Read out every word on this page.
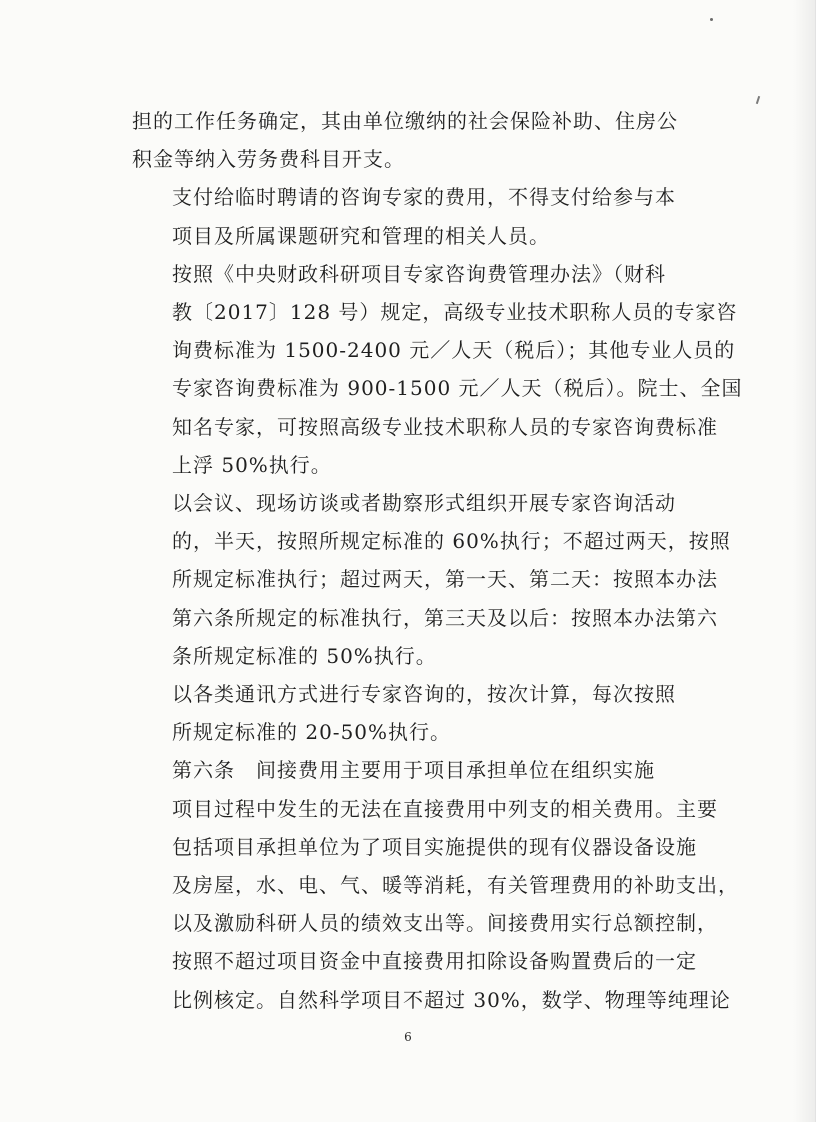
担的工作任务确定，其由单位缴纳的社会保险补助、住房公
积金等纳入劳务费科目开支。

支付给临时聘请的咨询专家的费用，不得支付给参与本
项目及所属课题研究和管理的相关人员。

按照《中央财政科研项目专家咨询费管理办法》（财科
教〔2017〕128 号）规定，高级专业技术职称人员的专家咨
询费标准为 1500-2400 元／人天（税后）；其他专业人员的
专家咨询费标准为 900-1500 元／人天（税后）。院士、全国
知名专家，可按照高级专业技术职称人员的专家咨询费标准
上浮 50%执行。

以会议、现场访谈或者勘察形式组织开展专家咨询活动
的，半天，按照所规定标准的 60%执行；不超过两天，按照
所规定标准执行；超过两天，第一天、第二天：按照本办法
第六条所规定的标准执行，第三天及以后：按照本办法第六
条所规定标准的 50%执行。

以各类通讯方式进行专家咨询的，按次计算，每次按照
所规定标准的 20-50%执行。

第六条　间接费用主要用于项目承担单位在组织实施
项目过程中发生的无法在直接费用中列支的相关费用。主要
包括项目承担单位为了项目实施提供的现有仪器设备设施
及房屋，水、电、气、暖等消耗，有关管理费用的补助支出，
以及激励科研人员的绩效支出等。间接费用实行总额控制，
按照不超过项目资金中直接费用扣除设备购置费后的一定
比例核定。自然科学项目不超过 30%，数学、物理等纯理论

6
